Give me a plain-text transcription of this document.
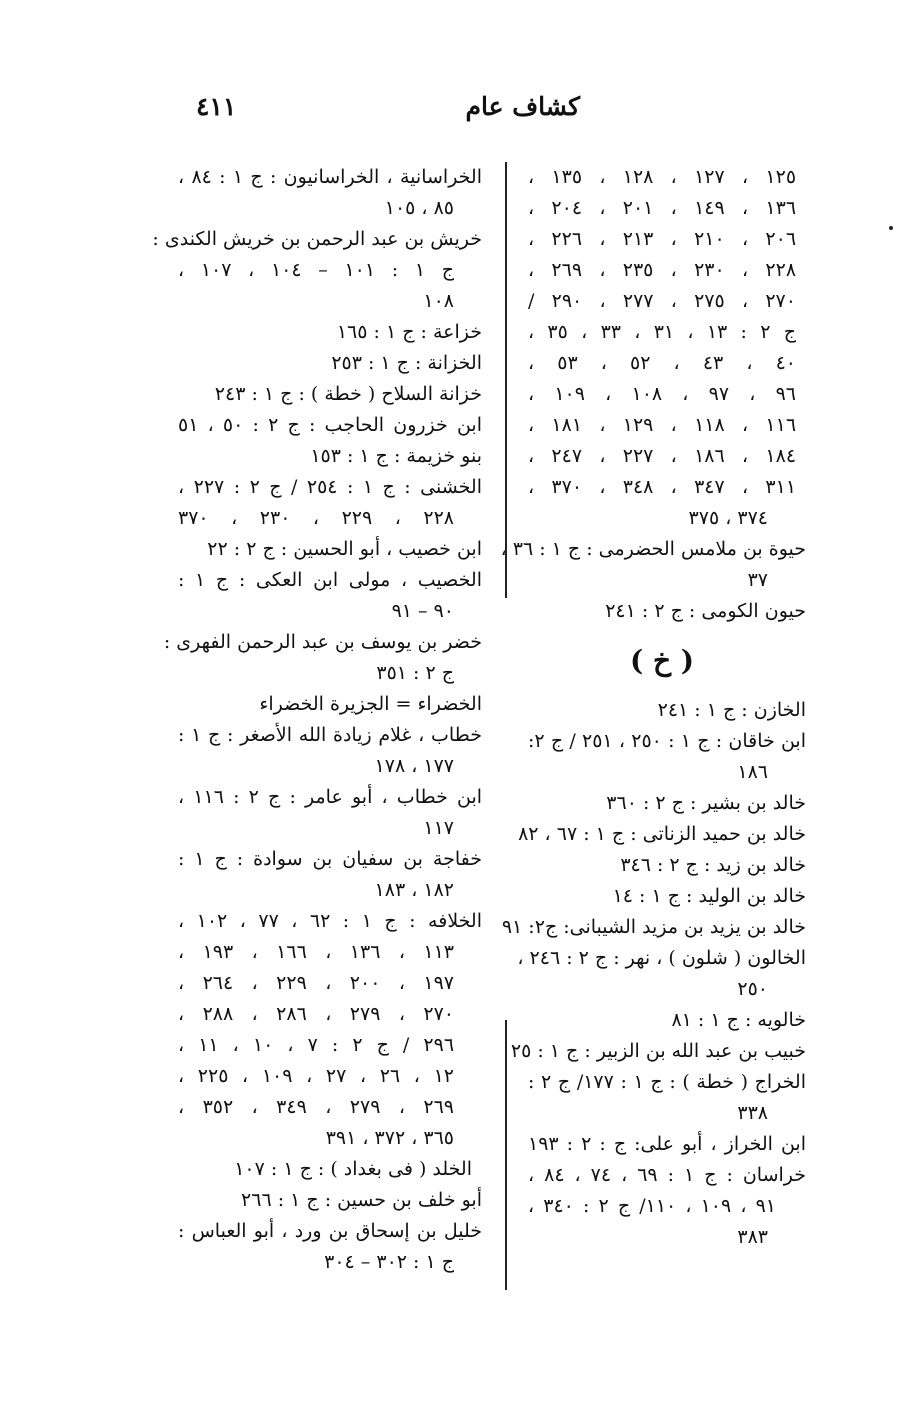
٤١١	كشاف عام
١٢٥ ، ١٢٧ ، ١٢٨ ، ١٣٥ ،
١٣٦ ، ١٤٩ ، ٢٠١ ، ٢٠٤ ،
٢٠٦ ، ٢١٠ ، ٢١٣ ، ٢٢٦ ،
٢٢٨ ، ٢٣٠ ، ٢٣٥ ، ٢٦٩ ،
٢٧٠ ، ٢٧٥ ، ٢٧٧ ، ٢٩٠ /
ج ٢ : ١٣ ، ٣١ ، ٣٣ ، ٣٥ ،
٤٠ ، ٤٣ ، ٥٢ ، ٥٣ ،
٩٦ ، ٩٧ ، ١٠٨ ، ١٠٩ ،
١١٦ ، ١١٨ ، ١٢٩ ، ١٨١ ،
١٨٤ ، ١٨٦ ، ٢٢٧ ، ٢٤٧ ،
٣١١ ، ٣٤٧ ، ٣٤٨ ، ٣٧٠ ،
٣٧٤ ، ٣٧٥
حيوة بن ملامس الحضرمى : ج ١ : ٣٦ ،
٣٧
حيون الكومى : ج ٢ : ٢٤١
( خ )
الخازن : ج ١ : ٢٤١
ابن خاقان : ج ١ : ٢٥٠ ، ٢٥١ / ج ٢:
١٨٦
خالد بن بشير : ج ٢ : ٣٦٠
خالد بن حميد الزناتى : ج ١ : ٦٧ ، ٨٢
خالد بن زيد : ج ٢ : ٣٤٦
خالد بن الوليد : ج ١ : ١٤
خالد بن يزيد بن مزيد الشيبانى: ج٢: ٩١
الخالون ( شلون ) ، نهر : ج ٢ : ٢٤٦ ،
٢٥٠
خالويه : ج ١ : ٨١
خبيب بن عبد الله بن الزبير : ج ١ : ٢٥
الخراج ( خطة ) : ج ١ : ١٧٧/ ج ٢ :
٣٣٨
ابن الخراز ، أبو على: ج : ٢ : ١٩٣
خراسان : ج ١ : ٦٩ ، ٧٤ ، ٨٤ ،
٩١ ، ١٠٩ ، ١١٠/ ج ٢ : ٣٤٠ ،
٣٨٣
الخراسانية ، الخراسانيون : ج ١ : ٨٤ ،
٨٥ ، ١٠٥
خريش بن عبد الرحمن بن خريش الكندى :
ج ١ : ١٠١ – ١٠٤ ، ١٠٧ ،
١٠٨
خزاعة : ج ١ : ١٦٥
الخزانة : ج ١ : ٢٥٣
خزانة السلاح ( خطة ) : ج ١ : ٢٤٣
ابن خزرون الحاجب : ج ٢ : ٥٠ ، ٥١
بنو خزيمة : ج ١ : ١٥٣
الخشنى : ج ١ : ٢٥٤ / ج ٢ : ٢٢٧ ،
٢٢٨ ، ٢٢٩ ، ٢٣٠ ، ٣٧٠
ابن خصيب ، أبو الحسين : ج ٢ : ٢٢
الخصيب ، مولى ابن العكى : ج ١ :
٩٠ – ٩١
خضر بن يوسف بن عبد الرحمن الفهرى :
ج ٢ : ٣٥١
الخضراء = الجزيرة الخضراء
خطاب ، غلام زيادة الله الأصغر : ج ١ :
١٧٧ ، ١٧٨
ابن خطاب ، أبو عامر : ج ٢ : ١١٦ ،
١١٧
خفاجة بن سفيان بن سوادة : ج ١ :
١٨٢ ، ١٨٣
الخلافه : ج ١ : ٦٢ ، ٧٧ ، ١٠٢ ،
١١٣ ، ١٣٦ ، ١٦٦ ، ١٩٣ ،
١٩٧ ، ٢٠٠ ، ٢٢٩ ، ٢٦٤ ،
٢٧٠ ، ٢٧٩ ، ٢٨٦ ، ٢٨٨ ،
٢٩٦ / ج ٢ : ٧ ، ١٠ ، ١١ ،
١٢ ، ٢٦ ، ٢٧ ، ١٠٩ ، ٢٢٥ ،
٢٦٩ ، ٢٧٩ ، ٣٤٩ ، ٣٥٢ ،
٣٦٥ ، ٣٧٢ ، ٣٩١
الخلد ( فى بغداد ) : ج ١ : ١٠٧
أبو خلف بن حسين : ج ١ : ٢٦٦
خليل بن إسحاق بن ورد ، أبو العباس :
ج ١ : ٣٠٢ – ٣٠٤
